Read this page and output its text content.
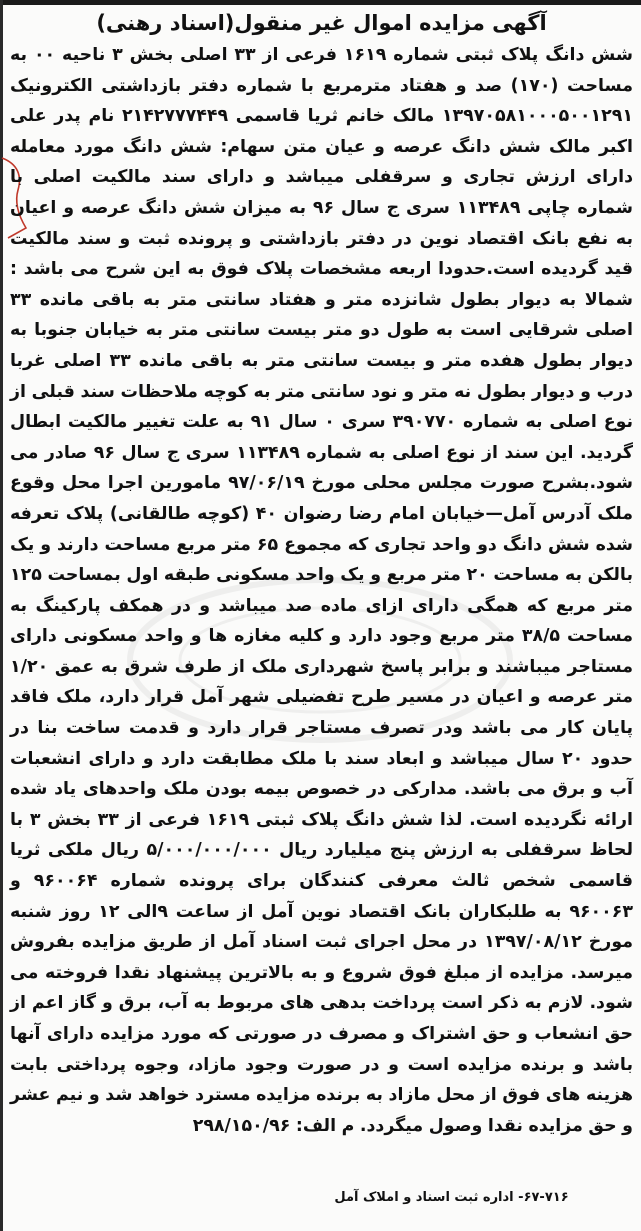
آگهی مزایده اموال غیر منقول(اسناد رهنی)

شش دانگ پلاک ثبتی شماره ۱۶۱۹ فرعی از ۳۳ اصلی بخش ۳ ناحیه ۰۰ به مساحت (۱۷۰) صد و هفتاد مترمربع با شماره دفتر بازداشتی الکترونیک ۱۳۹۷۰۵۸۱۰۰۰۵۰۰۱۲۹۱ مالک خانم ثریا قاسمی ۲۱۴۲۷۷۷۴۴۹ نام پدر علی اکبر مالک شش دانگ عرصه و عیان متن سهام: شش دانگ مورد معامله دارای ارزش تجاری و سرقفلی میباشد و دارای سند مالکیت اصلی با شماره چاپی ۱۱۳۴۸۹ سری ج سال ۹۶ به میزان شش دانگ عرصه و اعیان به نفع بانک اقتصاد نوین در دفتر بازداشتی و پرونده ثبت و سند مالکیت قید گردیده است.حدودا اربعه مشخصات پلاک فوق به این شرح می باشد : شمالا به دیوار بطول شانزده متر و هفتاد سانتی متر به باقی مانده ۳۳ اصلی شرقایی است به طول دو متر بیست سانتی متر به خیابان جنوبا به دیوار بطول هفده متر و بیست سانتی متر به باقی مانده ۳۳ اصلی غربا درب و دیوار بطول نه متر و نود سانتی متر به کوچه ملاحظات سند قبلی از نوع اصلی به شماره ۳۹۰۷۷۰ سری ۰ سال ۹۱ به علت تغییر مالکیت ابطال گردید. این سند از نوع اصلی به شماره ۱۱۳۴۸۹ سری ج سال ۹۶ صادر می شود.بشرح صورت مجلس محلی مورخ ۹۷/۰۶/۱۹ مامورین اجرا محل وقوع ملک آدرس آمل—خیابان امام رضا رضوان ۴۰ (کوچه طالقانی) پلاک تعرفه شده شش دانگ دو واحد تجاری که مجموع ۶۵ متر مربع مساحت دارند و یک بالکن به مساحت ۲۰ متر مربع و یک واحد مسکونی طبقه اول بمساحت ۱۲۵ متر مربع که همگی دارای ازای ماده صد میباشد و در همکف پارکینگ به مساحت ۳۸/۵ متر مربع وجود دارد و کلیه مغازه ها و واحد مسکونی دارای مستاجر میباشند و برابر پاسخ شهرداری ملک از طرف شرق به عمق ۱/۲۰ متر عرصه و اعیان در مسیر طرح تفضیلی شهر آمل قرار دارد، ملک فاقد پایان کار می باشد ودر تصرف مستاجر قرار دارد و قدمت ساخت بنا در حدود ۲۰ سال میباشد و ابعاد سند با ملک مطابقت دارد و دارای انشعبات آب و برق می باشد. مدارکی در خصوص بیمه بودن ملک واحدهای یاد شده ارائه نگردیده است. لذا شش دانگ پلاک ثبتی ۱۶۱۹ فرعی از ۳۳ بخش ۳ با لحاظ سرقفلی به ارزش پنج میلیارد ریال ۵/۰۰۰/۰۰۰/۰۰۰ ریال ملکی ثریا قاسمی شخص ثالث معرفی کنندگان برای پرونده شماره ۹۶۰۰۶۴ و ۹۶۰۰۶۳ به طلبکاران بانک اقتصاد نوین آمل از ساعت ۹الی ۱۲ روز شنبه مورخ ۱۳۹۷/۰۸/۱۲ در محل اجرای ثبت اسناد آمل از طریق مزایده بفروش میرسد. مزایده از مبلغ فوق شروع و به بالاترین پیشنهاد نقدا فروخته می شود. لازم به ذکر است پرداخت بدهی های مربوط به آب، برق و گاز اعم از حق انشعاب و حق اشتراک و مصرف در صورتی که مورد مزایده دارای آنها باشد و برنده مزایده است و در صورت وجود مازاد، وجوه پرداختی بابت هزینه های فوق از محل مازاد به برنده مزایده مسترد خواهد شد و نیم عشر و حق مزایده نقدا وصول میگردد. م الف: ۲۹۸/۱۵۰/۹۶

۶۷-۷۱۶- اداره ثبت اسناد و املاک آمل
